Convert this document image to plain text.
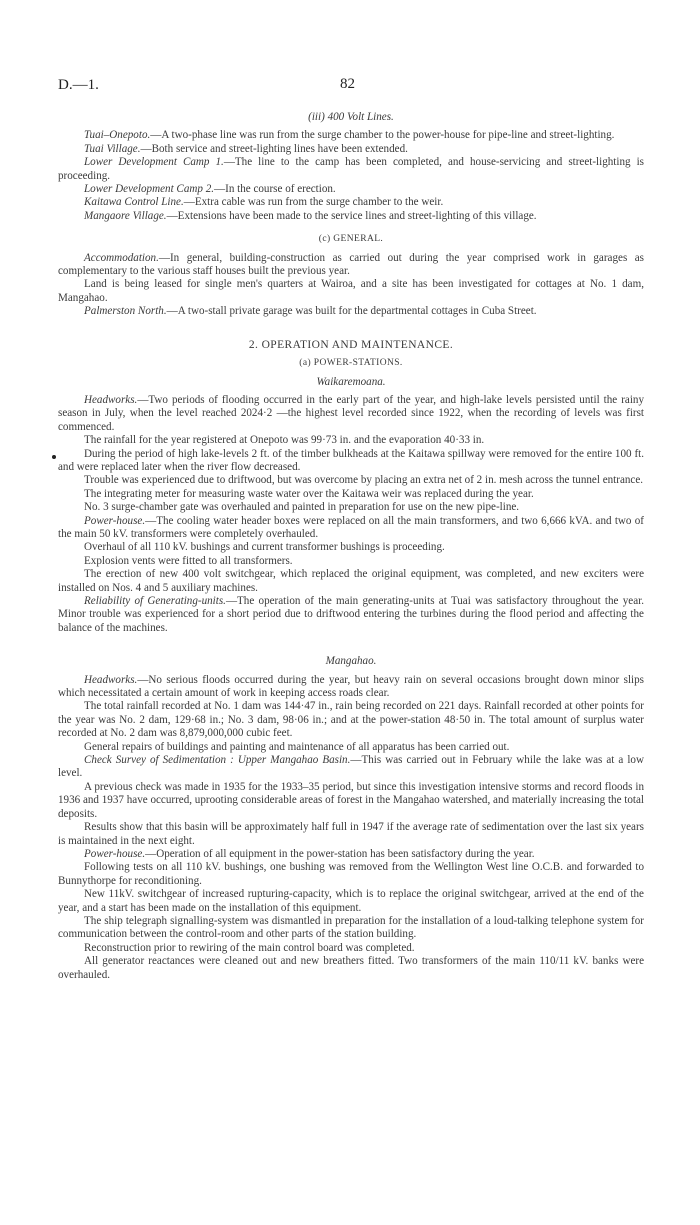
D.—1.	82

(iii) 400 Volt Lines.

Tuai–Onepoto.—A two-phase line was run from the surge chamber to the power-house for pipe-line and street-lighting.

Tuai Village.—Both service and street-lighting lines have been extended.

Lower Development Camp 1.—The line to the camp has been completed, and house-servicing and street-lighting is proceeding.

Lower Development Camp 2.—In the course of erection.

Kaitawa Control Line.—Extra cable was run from the surge chamber to the weir.

Mangaore Village.—Extensions have been made to the service lines and street-lighting of this village.

(c) GENERAL.

Accommodation.—In general, building-construction as carried out during the year comprised work in garages as complementary to the various staff houses built the previous year.

Land is being leased for single men's quarters at Wairoa, and a site has been investigated for cottages at No. 1 dam, Mangahao.

Palmerston North.—A two-stall private garage was built for the departmental cottages in Cuba Street.

2. OPERATION AND MAINTENANCE.

(a) POWER-STATIONS.

Waikaremoana.

Headworks.—Two periods of flooding occurred in the early part of the year, and high-lake levels persisted until the rainy season in July, when the level reached 2024·2 —the highest level recorded since 1922, when the recording of levels was first commenced.

The rainfall for the year registered at Onepoto was 99·73 in. and the evaporation 40·33 in.

During the period of high lake-levels 2 ft. of the timber bulkheads at the Kaitawa spillway were removed for the entire 100 ft. and were replaced later when the river flow decreased.

Trouble was experienced due to driftwood, but was overcome by placing an extra net of 2 in. mesh across the tunnel entrance.

The integrating meter for measuring waste water over the Kaitawa weir was replaced during the year.

No. 3 surge-chamber gate was overhauled and painted in preparation for use on the new pipe-line.

Power-house.—The cooling water header boxes were replaced on all the main transformers, and two 6,666 kVA. and two of the main 50 kV. transformers were completely overhauled.

Overhaul of all 110 kV. bushings and current transformer bushings is proceeding.

Explosion vents were fitted to all transformers.

The erection of new 400 volt switchgear, which replaced the original equipment, was completed, and new exciters were installed on Nos. 4 and 5 auxiliary machines.

Reliability of Generating-units.—The operation of the main generating-units at Tuai was satisfactory throughout the year. Minor trouble was experienced for a short period due to driftwood entering the turbines during the flood period and affecting the balance of the machines.

Mangahao.

Headworks.—No serious floods occurred during the year, but heavy rain on several occasions brought down minor slips which necessitated a certain amount of work in keeping access roads clear.

The total rainfall recorded at No. 1 dam was 144·47 in., rain being recorded on 221 days. Rainfall recorded at other points for the year was No. 2 dam, 129·68 in.; No. 3 dam, 98·06 in.; and at the power-station 48·50 in. The total amount of surplus water recorded at No. 2 dam was 8,879,000,000 cubic feet.

General repairs of buildings and painting and maintenance of all apparatus has been carried out.

Check Survey of Sedimentation : Upper Mangahao Basin.—This was carried out in February while the lake was at a low level.

A previous check was made in 1935 for the 1933–35 period, but since this investigation intensive storms and record floods in 1936 and 1937 have occurred, uprooting considerable areas of forest in the Mangahao watershed, and materially increasing the total deposits.

Results show that this basin will be approximately half full in 1947 if the average rate of sedimentation over the last six years is maintained in the next eight.

Power-house.—Operation of all equipment in the power-station has been satisfactory during the year.

Following tests on all 110 kV. bushings, one bushing was removed from the Wellington West line O.C.B. and forwarded to Bunnythorpe for reconditioning.

New 11kV. switchgear of increased rupturing-capacity, which is to replace the original switchgear, arrived at the end of the year, and a start has been made on the installation of this equipment.

The ship telegraph signalling-system was dismantled in preparation for the installation of a loud-talking telephone system for communication between the control-room and other parts of the station building.

Reconstruction prior to rewiring of the main control board was completed.

All generator reactances were cleaned out and new breathers fitted. Two transformers of the main 110/11 kV. banks were overhauled.
